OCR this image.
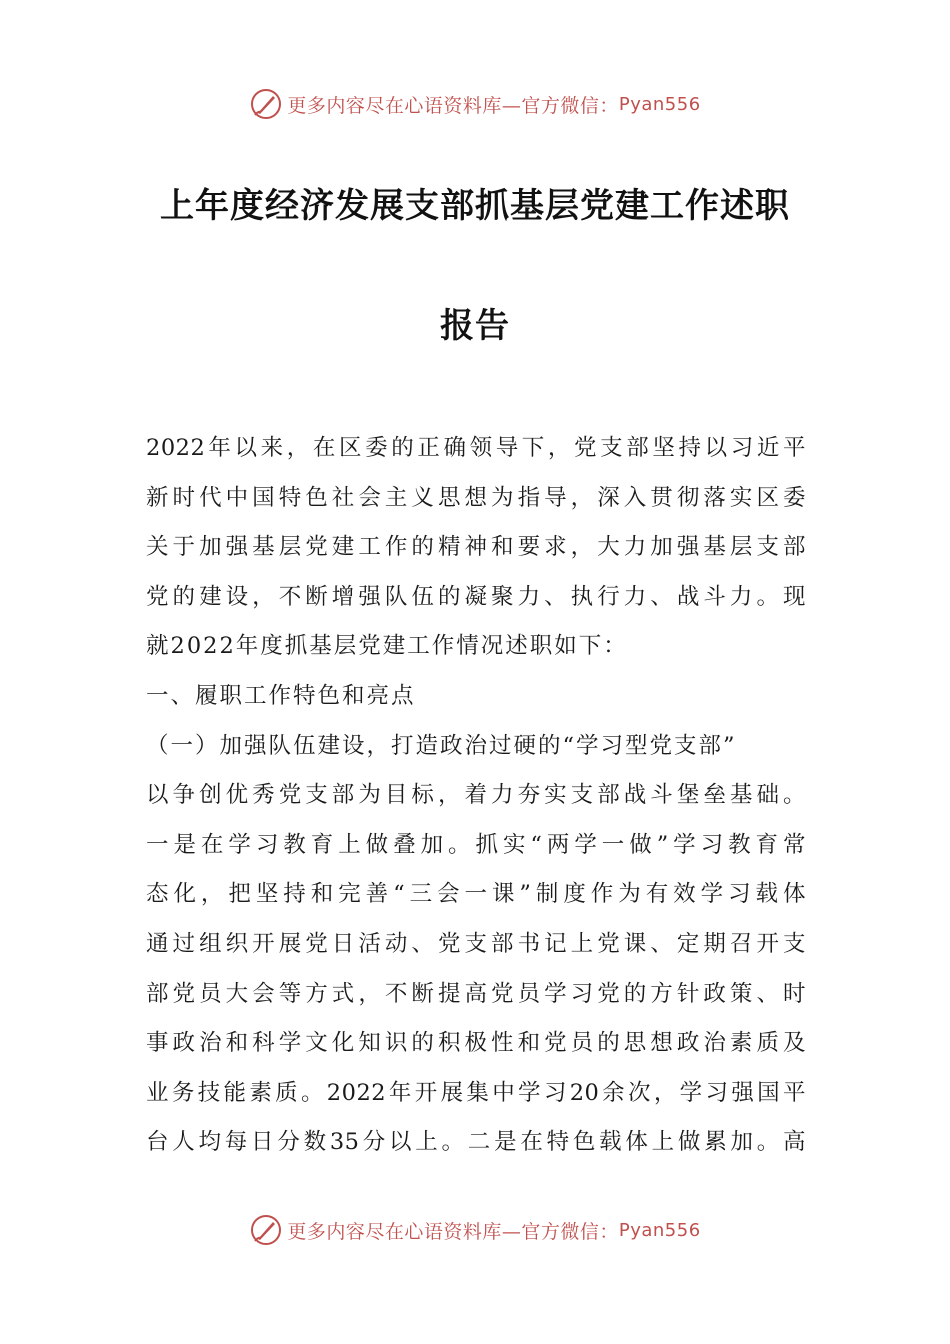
更多内容尽在心语资料库—官方微信： Pyan556
上年度经济发展支部抓基层党建工作述职
报告
2022年以来，在区委的正确领导下，党支部坚持以习近平
新时代中国特色社会主义思想为指导，深入贯彻落实区委
关于加强基层党建工作的精神和要求，大力加强基层支部
党的建设，不断增强队伍的凝聚力、执行力、战斗力。现
就2022年度抓基层党建工作情况述职如下：
一、履职工作特色和亮点
（一）加强队伍建设，打造政治过硬的“学习型党支部”
以争创优秀党支部为目标，着力夯实支部战斗堡垒基础。
一是在学习教育上做叠加。抓实“两学一做”学习教育常
态化，把坚持和完善“三会一课”制度作为有效学习载体
通过组织开展党日活动、党支部书记上党课、定期召开支
部党员大会等方式，不断提高党员学习党的方针政策、时
事政治和科学文化知识的积极性和党员的思想政治素质及
业务技能素质。2022年开展集中学习20余次，学习强国平
台人均每日分数35分以上。二是在特色载体上做累加。高
更多内容尽在心语资料库—官方微信： Pyan556
